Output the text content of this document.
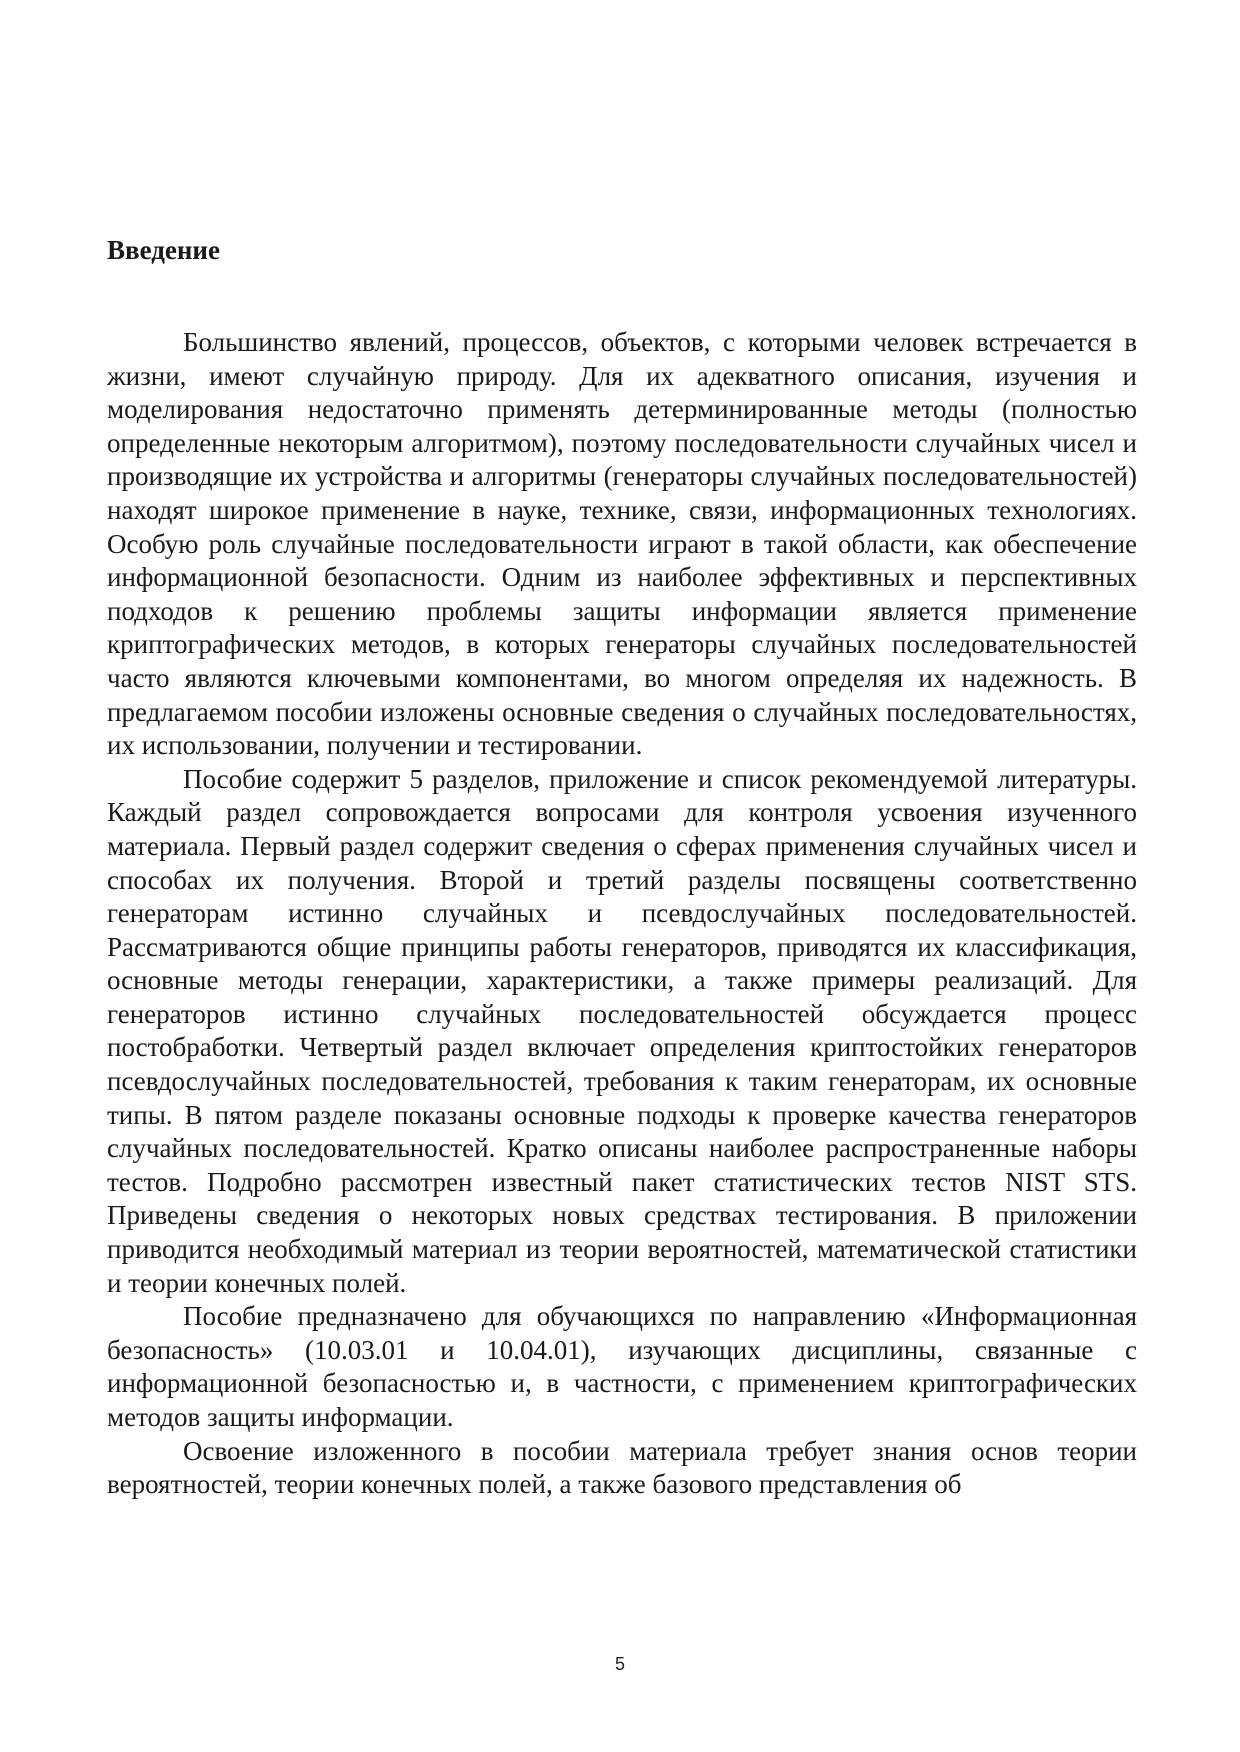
Введение

Большинство явлений, процессов, объектов, с которыми человек встречается в жизни, имеют случайную природу. Для их адекватного описания, изучения и моделирования недостаточно применять детерминированные методы (полностью определенные некоторым алгоритмом), поэтому последовательности случайных чисел и производящие их устройства и алгоритмы (генераторы случайных последовательностей) находят широкое применение в науке, технике, связи, информационных технологиях. Особую роль случайные последовательности играют в такой области, как обеспечение информационной безопасности. Одним из наиболее эффективных и перспективных подходов к решению проблемы защиты информации является применение криптографических методов, в которых генераторы случайных последовательностей часто являются ключевыми компонентами, во многом определяя их надежность. В предлагаемом пособии изложены основные сведения о случайных последовательностях, их использовании, получении и тестировании.

Пособие содержит 5 разделов, приложение и список рекомендуемой литературы. Каждый раздел сопровождается вопросами для контроля усвоения изученного материала. Первый раздел содержит сведения о сферах применения случайных чисел и способах их получения. Второй и третий разделы посвящены соответственно генераторам истинно случайных и псевдослучайных последовательностей. Рассматриваются общие принципы работы генераторов, приводятся их классификация, основные методы генерации, характеристики, а также примеры реализаций. Для генераторов истинно случайных последовательностей обсуждается процесс постобработки. Четвертый раздел включает определения криптостойких генераторов псевдослучайных последовательностей, требования к таким генераторам, их основные типы. В пятом разделе показаны основные подходы к проверке качества генераторов случайных последовательностей. Кратко описаны наиболее распространенные наборы тестов. Подробно рассмотрен известный пакет статистических тестов NIST STS. Приведены сведения о некоторых новых средствах тестирования. В приложении приводится необходимый материал из теории вероятностей, математической статистики и теории конечных полей.

Пособие предназначено для обучающихся по направлению «Информационная безопасность» (10.03.01 и 10.04.01), изучающих дисциплины, связанные с информационной безопасностью и, в частности, с применением криптографических методов защиты информации.

Освоение изложенного в пособии материала требует знания основ теории вероятностей, теории конечных полей, а также базового представления об

5
